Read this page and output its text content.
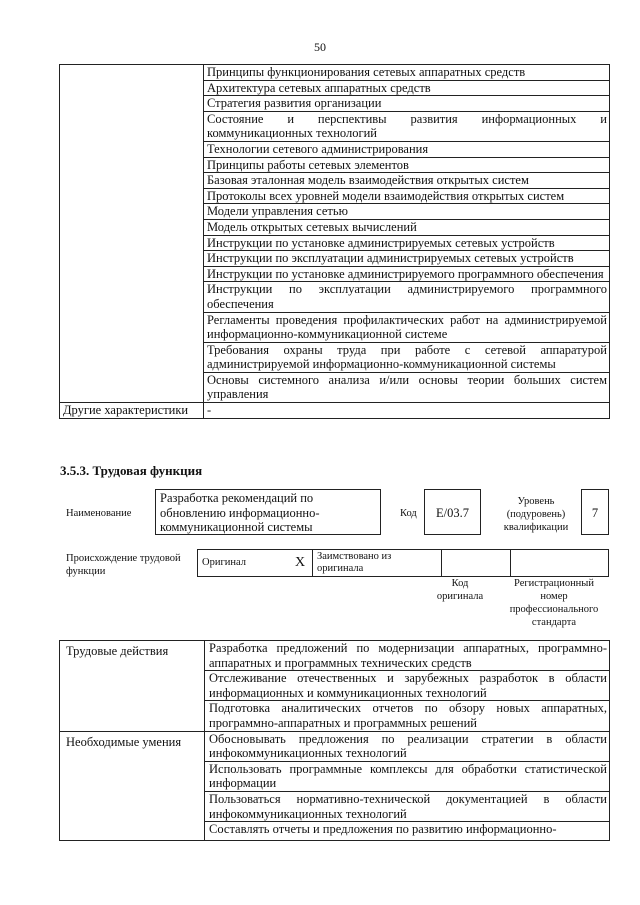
50
	Принципы функционирования сетевых аппаратных средств
	Архитектура сетевых аппаратных средств
	Стратегия развития организации
	Состояние и перспективы развития информационных и коммуникационных технологий
	Технологии сетевого администрирования
	Принципы работы сетевых элементов
	Базовая эталонная модель взаимодействия открытых систем
	Протоколы всех уровней модели взаимодействия открытых систем
	Модели управления сетью
	Модель открытых сетевых вычислений
	Инструкции по установке администрируемых сетевых устройств
	Инструкции по эксплуатации администрируемых сетевых устройств
	Инструкции по установке администрируемого программного обеспечения
	Инструкции по эксплуатации администрируемого программного обеспечения
	Регламенты проведения профилактических работ на администрируемой информационно-коммуникационной системе
	Требования охраны труда при работе с сетевой аппаратурой администрируемой информационно-коммуникационной системы
	Основы системного анализа и/или основы теории больших систем управления
Другие характеристики	-
3.5.3. Трудовая функция
Наименование
Разработка рекомендаций по обновлению информационно-коммуникационной системы
Код	E/03.7
Уровень (подуровень) квалификации
7
Происхождение трудовой функции
Оригинал	X	Заимствовано из оригинала		
Код оригинала
Регистрационный номер профессионального стандарта
Трудовые действия	Разработка предложений по модернизации аппаратных, программно-аппаратных и программных технических средств
	Отслеживание отечественных и зарубежных разработок в области информационных и коммуникационных технологий
	Подготовка аналитических отчетов по обзору новых аппаратных, программно-аппаратных и программных решений
Необходимые умения	Обосновывать предложения по реализации стратегии в области инфокоммуникационных технологий
	Использовать программные комплексы для обработки статистической информации
	Пользоваться нормативно-технической документацией в области инфокоммуникационных технологий
	Составлять отчеты и предложения по развитию информационно-
